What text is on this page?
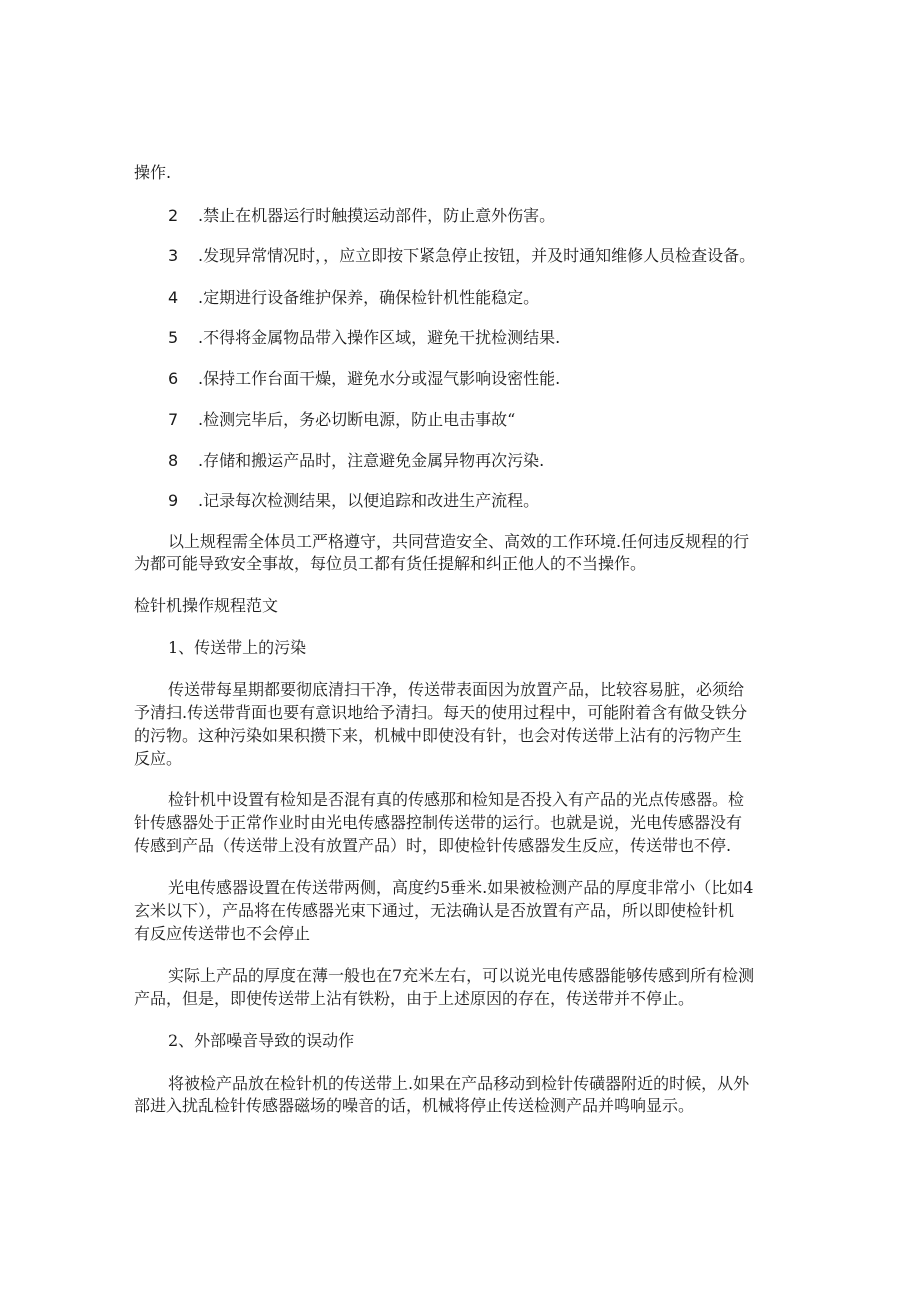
操作.
2 .禁止在机器运行时触摸运动部件，防止意外伤害。
3 .发现异常情况时，，应立即按下紧急停止按钮，并及时通知维修人员检查设备。
4 .定期进行设备维护保养，确保检针机性能稳定。
5 .不得将金属物品带入操作区域，避免干扰检测结果.
6 .保持工作台面干燥，避免水分或湿气影响设密性能.
7 .检测完毕后，务必切断电源，防止电击事故“
8 .存储和搬运产品时，注意避免金属异物再次污染.
9 .记录每次检测结果，以便追踪和改进生产流程。
以上规程需全体员工严格遵守，共同营造安全、高效的工作环境.任何违反规程的行
为都可能导致安全事故，每位员工都有货任提解和纠正他人的不当操作。
检针机操作规程范文
1、传送带上的污染
传送带每星期都要彻底清扫干净，传送带表面因为放置产品，比较容易脏，必须给
予清扫.传送带背面也要有意识地给予清扫。每天的使用过程中，可能附着含有做殳铁分
的污物。这种污染如果积攒下来，机械中即使没有针，也会对传送带上沾有的污物产生
反应。
检针机中设置有检知是否混有真的传感那和检知是否投入有产品的光点传感器。检
针传感器处于正常作业时由光电传感器控制传送带的运行。也就是说，光电传感器没有
传感到产品（传送带上没有放置产品）时，即使检针传感器发生反应，传送带也不停.
光电传感器设置在传送带两侧，高度约5垂米.如果被检测产品的厚度非常小（比如4
玄米以下），产品将在传感器光束下通过，无法确认是否放置有产品，所以即使检针机
有反应传送带也不会停止
实际上产品的厚度在薄一般也在7充米左右，可以说光电传感器能够传感到所有检测
产品，但是，即使传送带上沾有铁粉，由于上述原因的存在，传送带并不停止。
2、外部噪音导致的误动作
将被检产品放在检针机的传送带上.如果在产品移动到检针传磺器附近的时候，从外
部进入扰乱检针传感器磁场的噪音的话，机械将停止传送检测产品并鸣响显示。
